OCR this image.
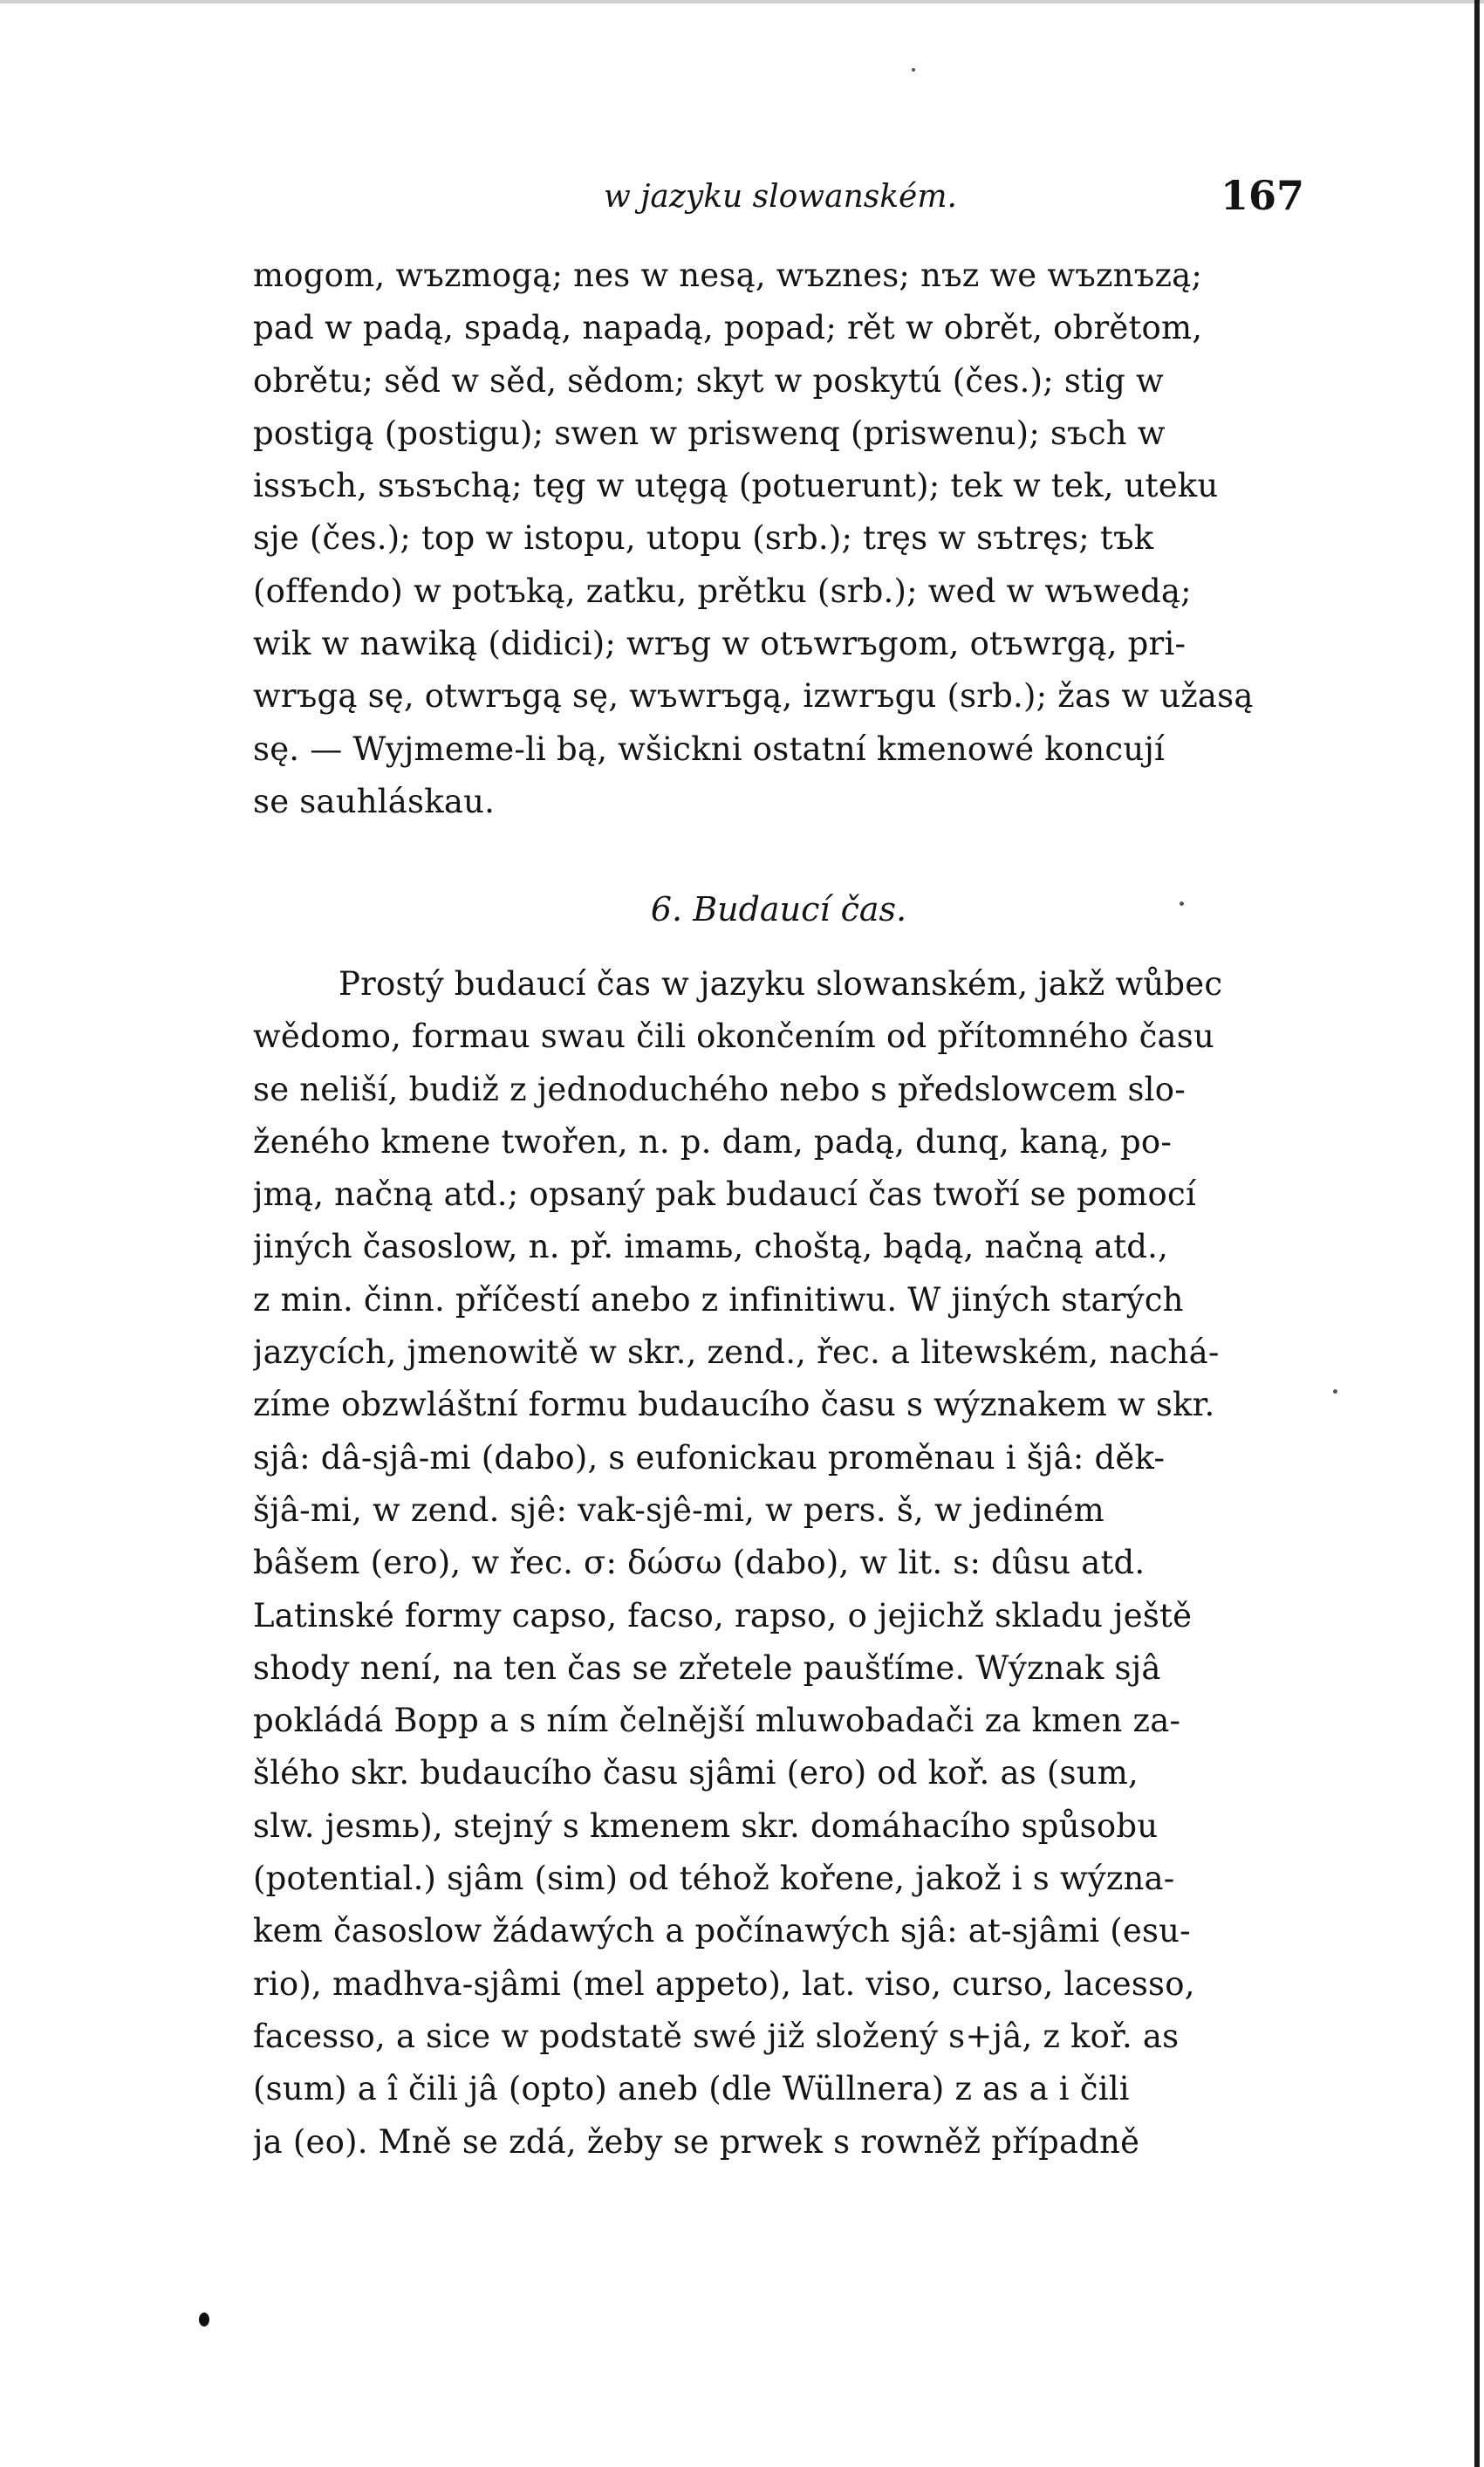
w jazyku slowanském.	167
mogom, wъzmogą; nes w nesą, wъznes; nъz we wъznъzą;
pad w padą, spadą, napadą, popad; rět w obrět, obrětom,
obrětu; sěd w sěd, sědom; skyt w poskytú (čes.); stig w
postigą (postigu); swen w priswenq (priswenu); sъch w
issъch, sъsъchą; tęg w utęgą (potuerunt); tek w tek, uteku
sje (čes.); top w istopu, utopu (srb.); tręs w sъtręs; tъk
(offendo) w potъką, zatku, prětku (srb.); wed w wъwedą;
wik w nawiką (didici); wrъg w otъwrъgom, otъwrgą, pri-
wrъgą sę, otwrъgą sę, wъwrъgą, izwrъgu (srb.); žas w užasą
sę. — Wyjmeme-li bą, wšickni ostatní kmenowé koncují
se sauhláskau.
6. Budaucí čas.
Prostý budaucí čas w jazyku slowanském, jakž wůbec
wědomo, formau swau čili okončením od přítomného času
se neliší, budiž z jednoduchého nebo s předslowcem slo-
ženého kmene twořen, n. p. dam, padą, dunq, kaną, po-
jmą, načną atd.; opsaný pak budaucí čas twoří se pomocí
jiných časoslow, n. př. imamь, choštą, bądą, načną atd.,
z min. činn. příčestí anebo z infinitiwu. W jiných starých
jazycích, jmenowitě w skr., zend., řec. a litewském, nachá-
zíme obzwláštní formu budaucího času s wýznakem w skr.
sjâ: dâ-sjâ-mi (dabo), s eufonickau proměnau i šjâ: děk-
šjâ-mi, w zend. sjê: vak-sjê-mi, w pers. š, w jediném
bâšem (ero), w řec. σ: δώσω (dabo), w lit. s: dûsu atd.
Latinské formy capso, facso, rapso, o jejichž skladu ještě
shody není, na ten čas se zřetele paušťíme. Wýznak sjâ
pokládá Bopp a s ním čelnější mluwobadači za kmen za-
šlého skr. budaucího času sjâmi (ero) od koř. as (sum,
slw. jesmь), stejný s kmenem skr. domáhacího spůsobu
(potential.) sjâm (sim) od téhož kořene, jakož i s wýzna-
kem časoslow žádawých a počínawých sjâ: at-sjâmi (esu-
rio), madhva-sjâmi (mel appeto), lat. viso, curso, lacesso,
facesso, a sice w podstatě swé již složený s+jâ, z koř. as
(sum) a î čili jâ (opto) aneb (dle Wüllnera) z as a i čili
ja (eo). Mně se zdá, žeby se prwek s rowněž případně
